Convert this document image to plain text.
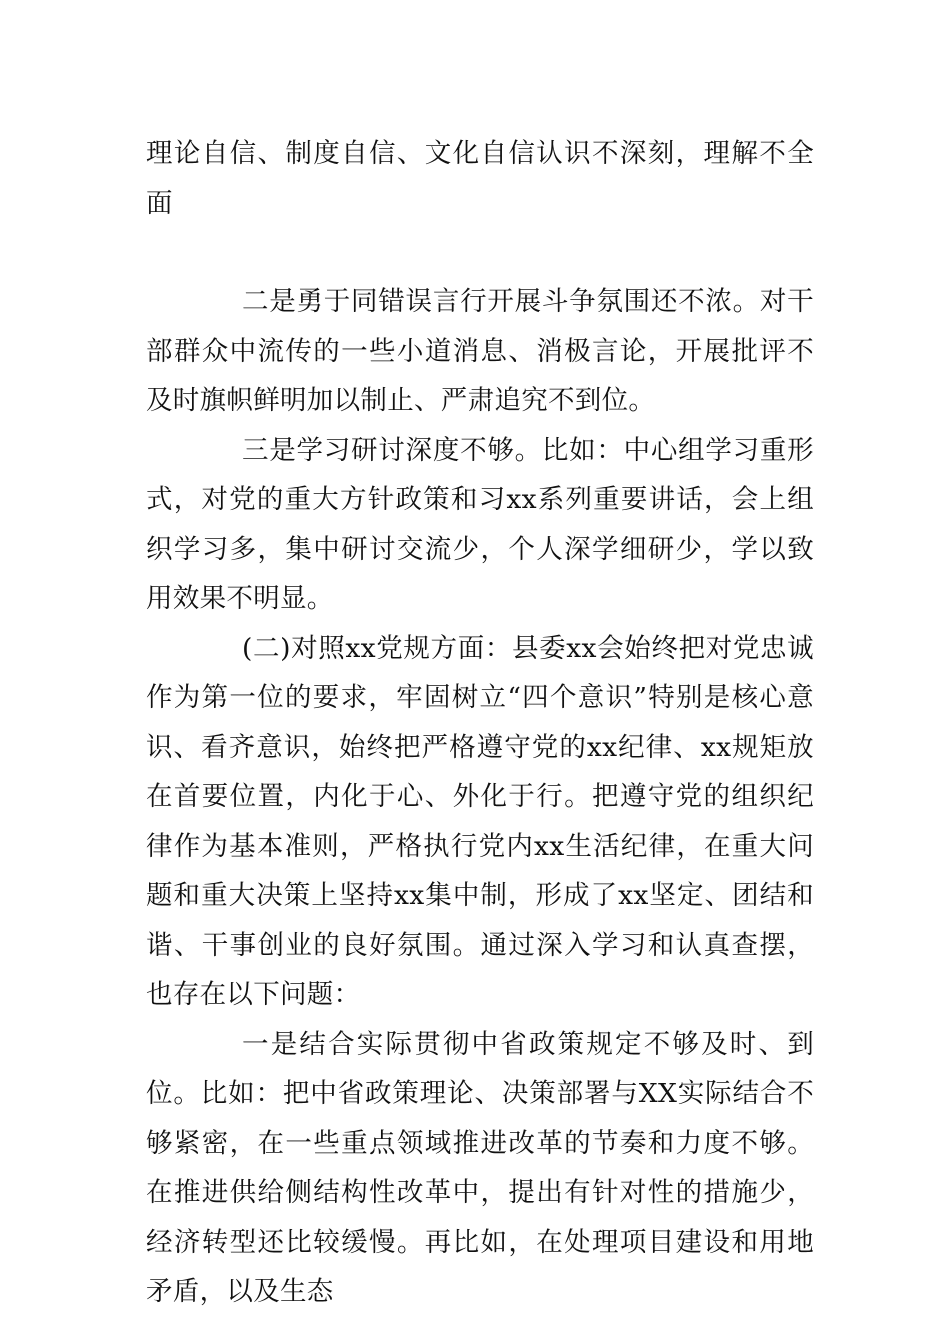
理论自信、制度自信、文化自信认识不深刻，理解不全面

二是勇于同错误言行开展斗争氛围还不浓。对干部群众中流传的一些小道消息、消极言论，开展批评不及时旗帜鲜明加以制止、严肃追究不到位。

三是学习研讨深度不够。比如：中心组学习重形式，对党的重大方针政策和习xx系列重要讲话，会上组织学习多，集中研讨交流少，个人深学细研少，学以致用效果不明显。

(二)对照xx党规方面：县委xx会始终把对党忠诚作为第一位的要求，牢固树立“四个意识”特别是核心意识、看齐意识，始终把严格遵守党的xx纪律、xx规矩放在首要位置，内化于心、外化于行。把遵守党的组织纪律作为基本准则，严格执行党内xx生活纪律，在重大问题和重大决策上坚持xx集中制，形成了xx坚定、团结和谐、干事创业的良好氛围。通过深入学习和认真查摆，也存在以下问题：

一是结合实际贯彻中省政策规定不够及时、到位。比如：把中省政策理论、决策部署与XX实际结合不够紧密，在一些重点领域推进改革的节奏和力度不够。在推进供给侧结构性改革中，提出有针对性的措施少，经济转型还比较缓慢。再比如，在处理项目建设和用地矛盾，以及生态
